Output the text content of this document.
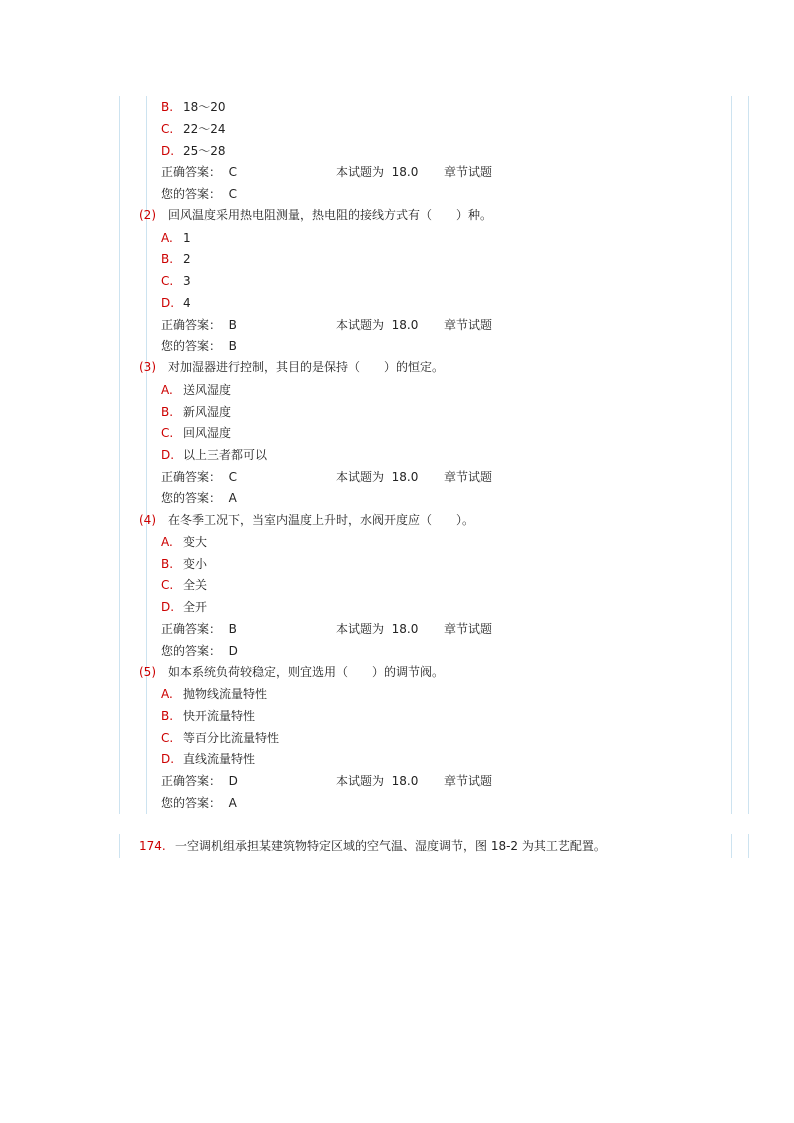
B. 18～20
C. 22～24
D. 25～28
正确答案： C	本试题为 18.0 章节试题
您的答案： C
(2) 回风温度采用热电阻测量，热电阻的接线方式有（　　）种。
A. 1
B. 2
C. 3
D. 4
正确答案： B	本试题为 18.0 章节试题
您的答案： B
(3) 对加湿器进行控制，其目的是保持（　　）的恒定。
A. 送风湿度
B. 新风湿度
C. 回风湿度
D. 以上三者都可以
正确答案： C	本试题为 18.0 章节试题
您的答案： A
(4) 在冬季工况下，当室内温度上升时，水阀开度应（　　）。
A. 变大
B. 变小
C. 全关
D. 全开
正确答案： B	本试题为 18.0 章节试题
您的答案： D
(5) 如本系统负荷较稳定，则宜选用（　　）的调节阀。
A. 抛物线流量特性
B. 快开流量特性
C. 等百分比流量特性
D. 直线流量特性
正确答案： D	本试题为 18.0 章节试题
您的答案： A
174. 一空调机组承担某建筑物特定区域的空气温、湿度调节，图 18-2 为其工艺配置。
